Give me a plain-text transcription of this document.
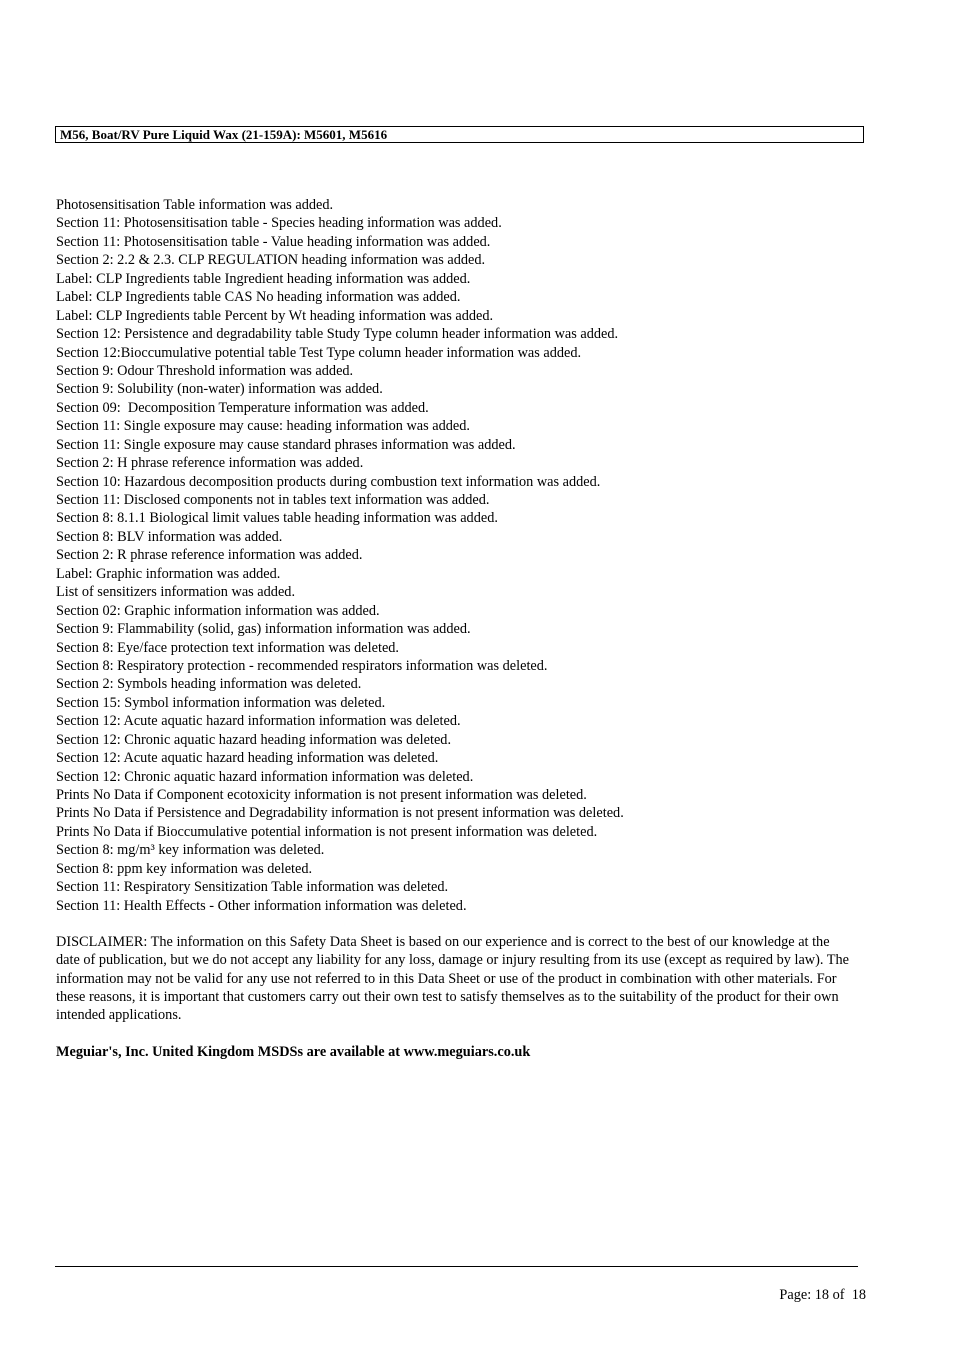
M56, Boat/RV Pure Liquid Wax (21-159A): M5601, M5616
Photosensitisation Table information was added.
Section 11: Photosensitisation table - Species heading information was added.
Section 11: Photosensitisation table - Value heading information was added.
Section 2: 2.2 & 2.3. CLP REGULATION heading information was added.
Label: CLP Ingredients table Ingredient heading information was added.
Label: CLP Ingredients table CAS No heading information was added.
Label: CLP Ingredients table Percent by Wt heading information was added.
Section 12: Persistence and degradability table Study Type column header information was added.
Section 12:Bioccumulative potential table Test Type column header information was added.
Section 9: Odour Threshold information was added.
Section 9: Solubility (non-water) information was added.
Section 09:  Decomposition Temperature information was added.
Section 11: Single exposure may cause: heading information was added.
Section 11: Single exposure may cause standard phrases information was added.
Section 2: H phrase reference information was added.
Section 10: Hazardous decomposition products during combustion text information was added.
Section 11: Disclosed components not in tables text information was added.
Section 8: 8.1.1 Biological limit values table heading information was added.
Section 8: BLV information was added.
Section 2: R phrase reference information was added.
Label: Graphic information was added.
List of sensitizers information was added.
Section 02: Graphic information information was added.
Section 9: Flammability (solid, gas) information information was added.
Section 8: Eye/face protection text information was deleted.
Section 8: Respiratory protection - recommended respirators information was deleted.
Section 2: Symbols heading information was deleted.
Section 15: Symbol information information was deleted.
Section 12: Acute aquatic hazard information information was deleted.
Section 12: Chronic aquatic hazard heading information was deleted.
Section 12: Acute aquatic hazard heading information was deleted.
Section 12: Chronic aquatic hazard information information was deleted.
Prints No Data if Component ecotoxicity information is not present information was deleted.
Prints No Data if Persistence and Degradability information is not present information was deleted.
Prints No Data if Bioccumulative potential information is not present information was deleted.
Section 8: mg/m³ key information was deleted.
Section 8: ppm key information was deleted.
Section 11: Respiratory Sensitization Table information was deleted.
Section 11: Health Effects - Other information information was deleted.

DISCLAIMER: The information on this Safety Data Sheet is based on our experience and is correct to the best of our knowledge at the date of publication, but we do not accept any liability for any loss, damage or injury resulting from its use (except as required by law). The information may not be valid for any use not referred to in this Data Sheet or use of the product in combination with other materials. For these reasons, it is important that customers carry out their own test to satisfy themselves as to the suitability of the product for their own intended applications.

Meguiar's, Inc. United Kingdom MSDSs are available at www.meguiars.co.uk

Page: 18 of  18
